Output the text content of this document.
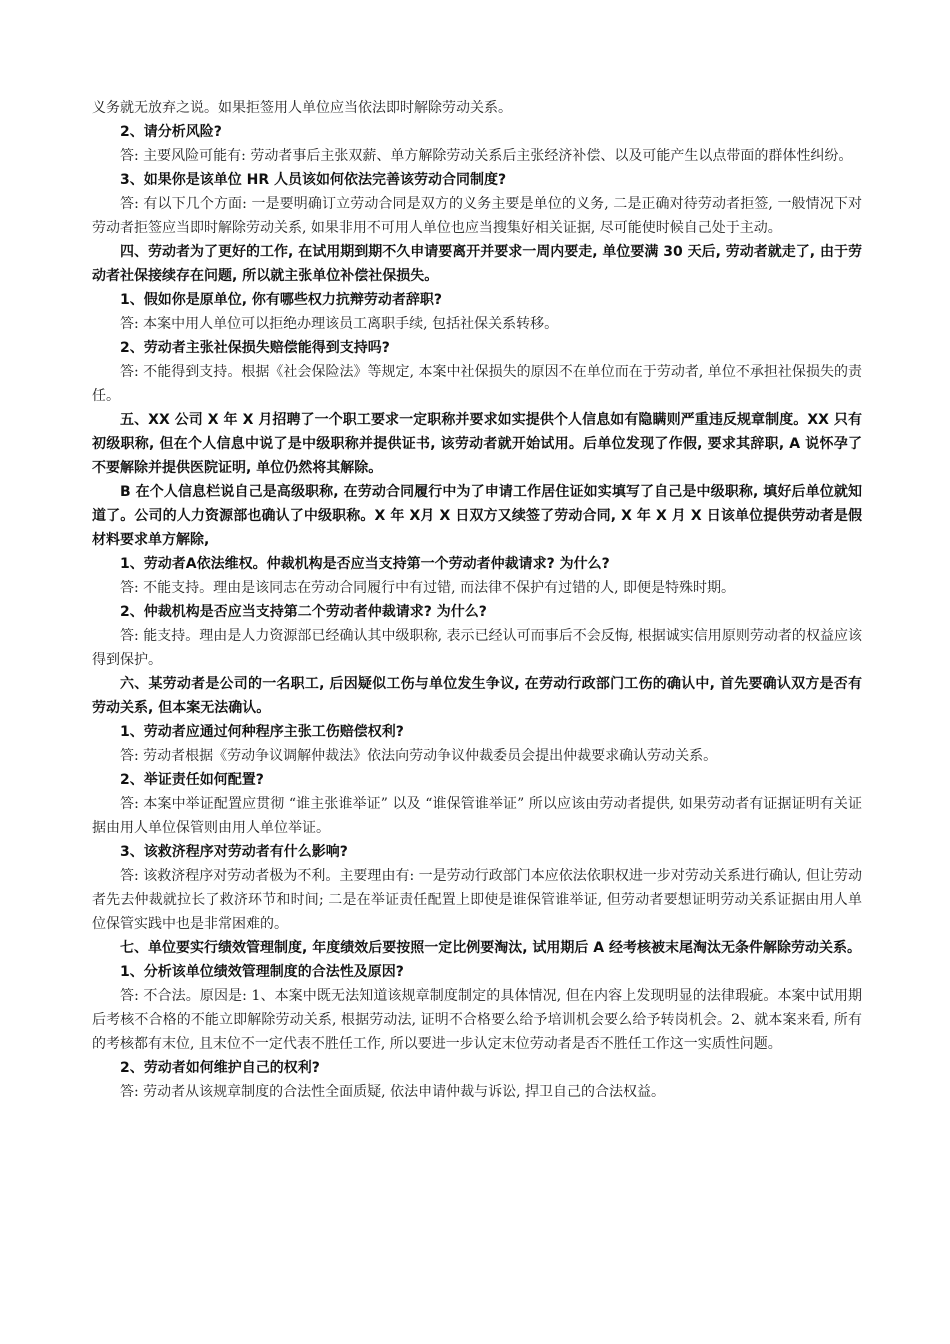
义务就无放弃之说。如果拒签用人单位应当依法即时解除劳动关系。

2、请分析风险?

答: 主要风险可能有: 劳动者事后主张双薪、单方解除劳动关系后主张经济补偿、以及可能产生以点带面的群体性纠纷。

3、如果你是该单位 HR 人员该如何依法完善该劳动合同制度?

答: 有以下几个方面: 一是要明确订立劳动合同是双方的义务主要是单位的义务, 二是正确对待劳动者拒签, 一般情况下对劳动者拒签应当即时解除劳动关系, 如果非用不可用人单位也应当搜集好相关证据, 尽可能使时候自己处于主动。

四、劳动者为了更好的工作, 在试用期到期不久申请要离开并要求一周内要走, 单位要满 30 天后, 劳动者就走了, 由于劳动者社保接续存在问题, 所以就主张单位补偿社保损失。

1、假如你是原单位, 你有哪些权力抗辩劳动者辞职?

答: 本案中用人单位可以拒绝办理该员工离职手续, 包括社保关系转移。

2、劳动者主张社保损失赔偿能得到支持吗?

答: 不能得到支持。根据《社会保险法》等规定, 本案中社保损失的原因不在单位而在于劳动者, 单位不承担社保损失的责任。

五、XX 公司 X 年 X 月招聘了一个职工要求一定职称并要求如实提供个人信息如有隐瞒则严重违反规章制度。XX 只有初级职称, 但在个人信息中说了是中级职称并提供证书, 该劳动者就开始试用。后单位发现了作假, 要求其辞职, A 说怀孕了不要解除并提供医院证明, 单位仍然将其解除。

B 在个人信息栏说自己是高级职称, 在劳动合同履行中为了申请工作居住证如实填写了自己是中级职称, 填好后单位就知道了。公司的人力资源部也确认了中级职称。X 年 X月 X 日双方又续签了劳动合同, X 年 X 月 X 日该单位提供劳动者是假材料要求单方解除,

1、劳动者A依法维权。仲裁机构是否应当支持第一个劳动者仲裁请求? 为什么?

答: 不能支持。理由是该同志在劳动合同履行中有过错, 而法律不保护有过错的人, 即便是特殊时期。

2、仲裁机构是否应当支持第二个劳动者仲裁请求? 为什么?

答: 能支持。理由是人力资源部已经确认其中级职称, 表示已经认可而事后不会反悔, 根据诚实信用原则劳动者的权益应该得到保护。

六、某劳动者是公司的一名职工, 后因疑似工伤与单位发生争议, 在劳动行政部门工伤的确认中, 首先要确认双方是否有劳动关系, 但本案无法确认。

1、劳动者应通过何种程序主张工伤赔偿权利?

答: 劳动者根据《劳动争议调解仲裁法》依法向劳动争议仲裁委员会提出仲裁要求确认劳动关系。

2、举证责任如何配置?

答: 本案中举证配置应贯彻 “谁主张谁举证” 以及 “谁保管谁举证” 所以应该由劳动者提供, 如果劳动者有证据证明有关证据由用人单位保管则由用人单位举证。

3、该救济程序对劳动者有什么影响?

答: 该救济程序对劳动者极为不利。主要理由有: 一是劳动行政部门本应依法依职权进一步对劳动关系进行确认, 但让劳动者先去仲裁就拉长了救济环节和时间; 二是在举证责任配置上即使是谁保管谁举证, 但劳动者要想证明劳动关系证据由用人单位保管实践中也是非常困难的。

七、单位要实行绩效管理制度, 年度绩效后要按照一定比例要淘汰, 试用期后 A 经考核被末尾淘汰无条件解除劳动关系。

1、分析该单位绩效管理制度的合法性及原因?

答: 不合法。原因是: 1、本案中既无法知道该规章制度制定的具体情况, 但在内容上发现明显的法律瑕疵。本案中试用期后考核不合格的不能立即解除劳动关系, 根据劳动法, 证明不合格要么给予培训机会要么给予转岗机会。2、就本案来看, 所有的考核都有末位, 且末位不一定代表不胜任工作, 所以要进一步认定末位劳动者是否不胜任工作这一实质性问题。

2、劳动者如何维护自己的权利?

答: 劳动者从该规章制度的合法性全面质疑, 依法申请仲裁与诉讼, 捍卫自己的合法权益。
